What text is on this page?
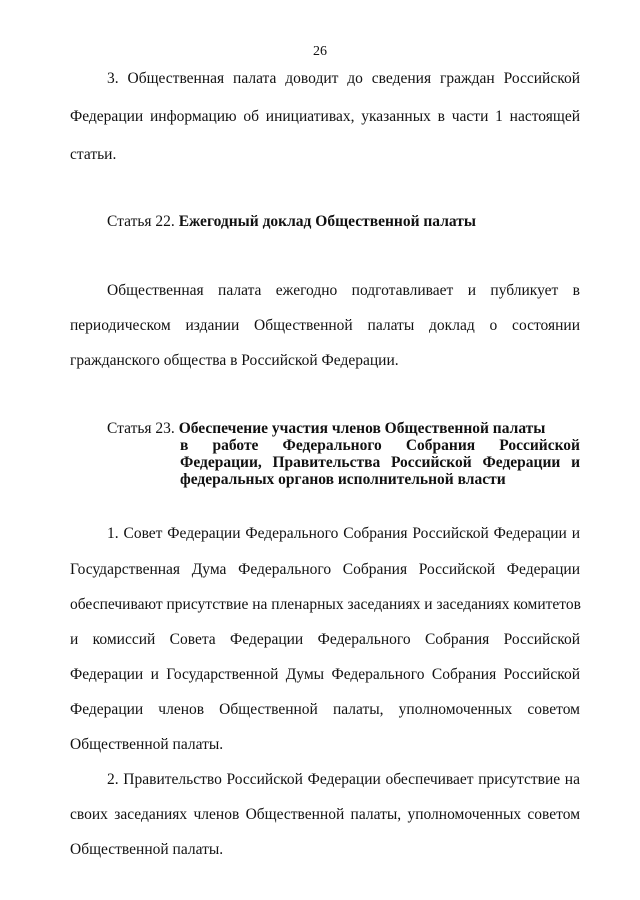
26
3. Общественная палата доводит до сведения граждан Российской
Федерации информацию об инициативах, указанных в части 1 настоящей
статьи.
Статья 22. Ежегодный доклад Общественной палаты
Общественная палата ежегодно подготавливает и публикует в
периодическом издании Общественной палаты доклад о состоянии
гражданского общества в Российской Федерации.
Статья 23. Обеспечение участия членов Общественной палаты
в работе Федерального Собрания Российской
Федерации, Правительства Российской Федерации и
федеральных органов исполнительной власти
1. Совет Федерации Федерального Собрания Российской Федерации и
Государственная Дума Федерального Собрания Российской Федерации
обеспечивают присутствие на пленарных заседаниях и заседаниях комитетов
и комиссий Совета Федерации Федерального Собрания Российской
Федерации и Государственной Думы Федерального Собрания Российской
Федерации членов Общественной палаты, уполномоченных советом
Общественной палаты.
2. Правительство Российской Федерации обеспечивает присутствие на
своих заседаниях членов Общественной палаты, уполномоченных советом
Общественной палаты.
